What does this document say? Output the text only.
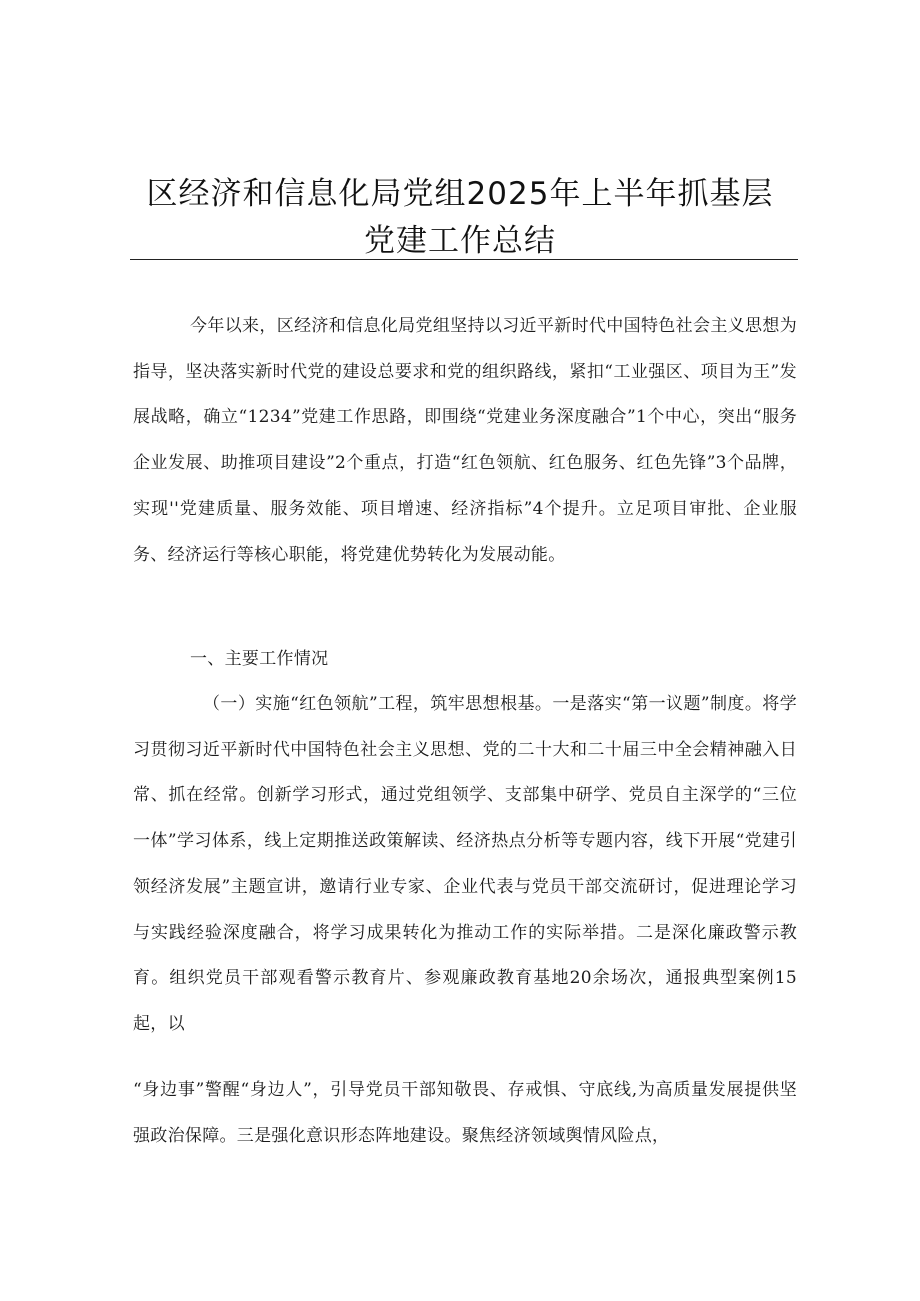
区经济和信息化局党组2025年上半年抓基层
党建工作总结

今年以来，区经济和信息化局党组坚持以习近平新时代中国特色社会主义思想为指导，坚决落实新时代党的建设总要求和党的组织路线，紧扣“工业强区、项目为王”发展战略，确立“1234”党建工作思路，即围绕“党建业务深度融合”1个中心，突出“服务企业发展、助推项目建设”2个重点，打造“红色领航、红色服务、红色先锋”3个品牌，实现''党建质量、服务效能、项目增速、经济指标”4个提升。立足项目审批、企业服务、经济运行等核心职能，将党建优势转化为发展动能。

一、主要工作情况

（一）实施“红色领航”工程，筑牢思想根基。一是落实“第一议题”制度。将学习贯彻习近平新时代中国特色社会主义思想、党的二十大和二十届三中全会精神融入日常、抓在经常。创新学习形式，通过党组领学、支部集中研学、党员自主深学的“三位一体”学习体系，线上定期推送政策解读、经济热点分析等专题内容，线下开展“党建引领经济发展”主题宣讲，邀请行业专家、企业代表与党员干部交流研讨，促进理论学习与实践经验深度融合，将学习成果转化为推动工作的实际举措。二是深化廉政警示教育。组织党员干部观看警示教育片、参观廉政教育基地20余场次，通报典型案例15起，以

“身边事”警醒“身边人”，引导党员干部知敬畏、存戒惧、守底线,为高质量发展提供坚强政治保障。三是强化意识形态阵地建设。聚焦经济领域舆情风险点，
